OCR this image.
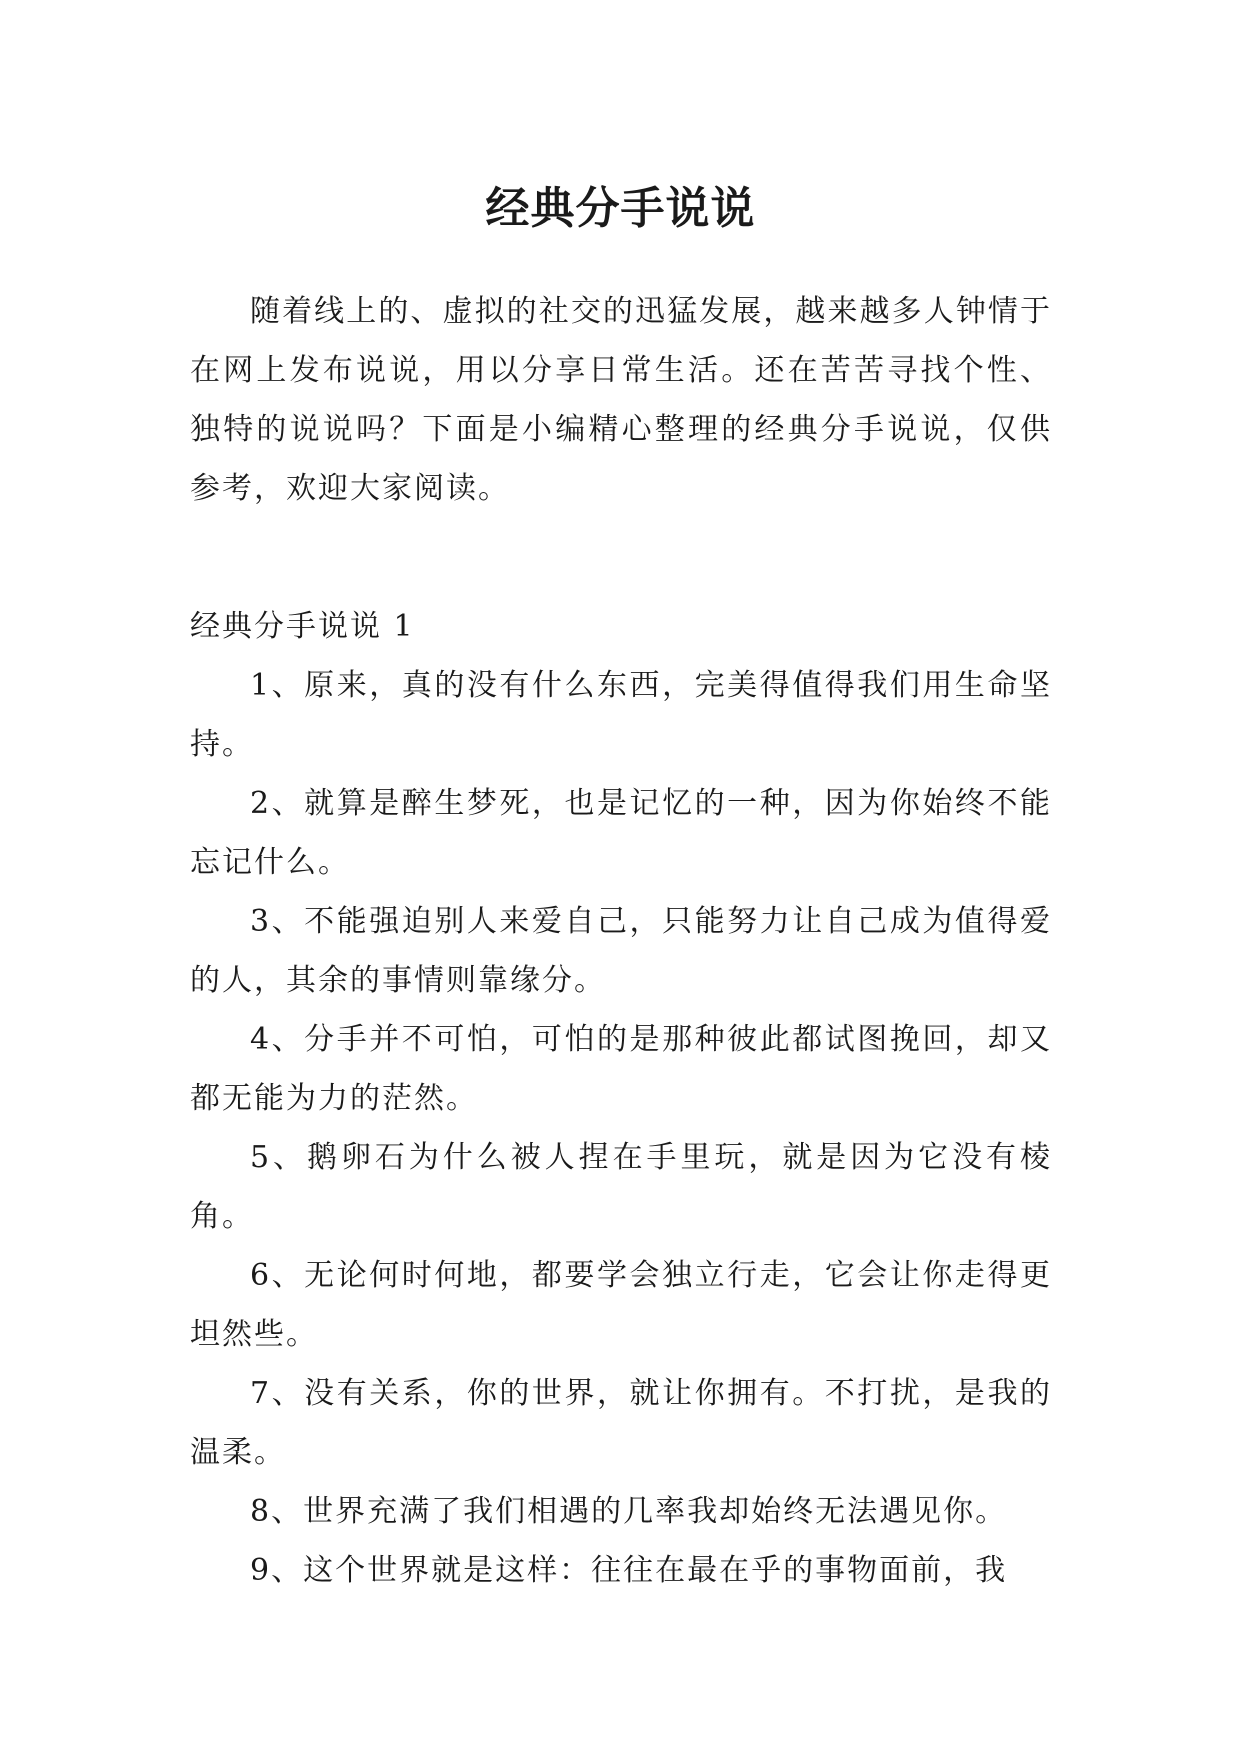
经典分手说说

随着线上的、虚拟的社交的迅猛发展，越来越多人钟情于在网上发布说说，用以分享日常生活。还在苦苦寻找个性、独特的说说吗？下面是小编精心整理的经典分手说说，仅供参考，欢迎大家阅读。

经典分手说说 1

1、原来，真的没有什么东西，完美得值得我们用生命坚持。

2、就算是醉生梦死，也是记忆的一种，因为你始终不能忘记什么。

3、不能强迫别人来爱自己，只能努力让自己成为值得爱的人，其余的事情则靠缘分。

4、分手并不可怕，可怕的是那种彼此都试图挽回，却又都无能为力的茫然。

5、鹅卵石为什么被人捏在手里玩，就是因为它没有棱角。

6、无论何时何地，都要学会独立行走，它会让你走得更坦然些。

7、没有关系，你的世界，就让你拥有。不打扰，是我的温柔。

8、世界充满了我们相遇的几率我却始终无法遇见你。

9、这个世界就是这样：往往在最在乎的事物面前，我
